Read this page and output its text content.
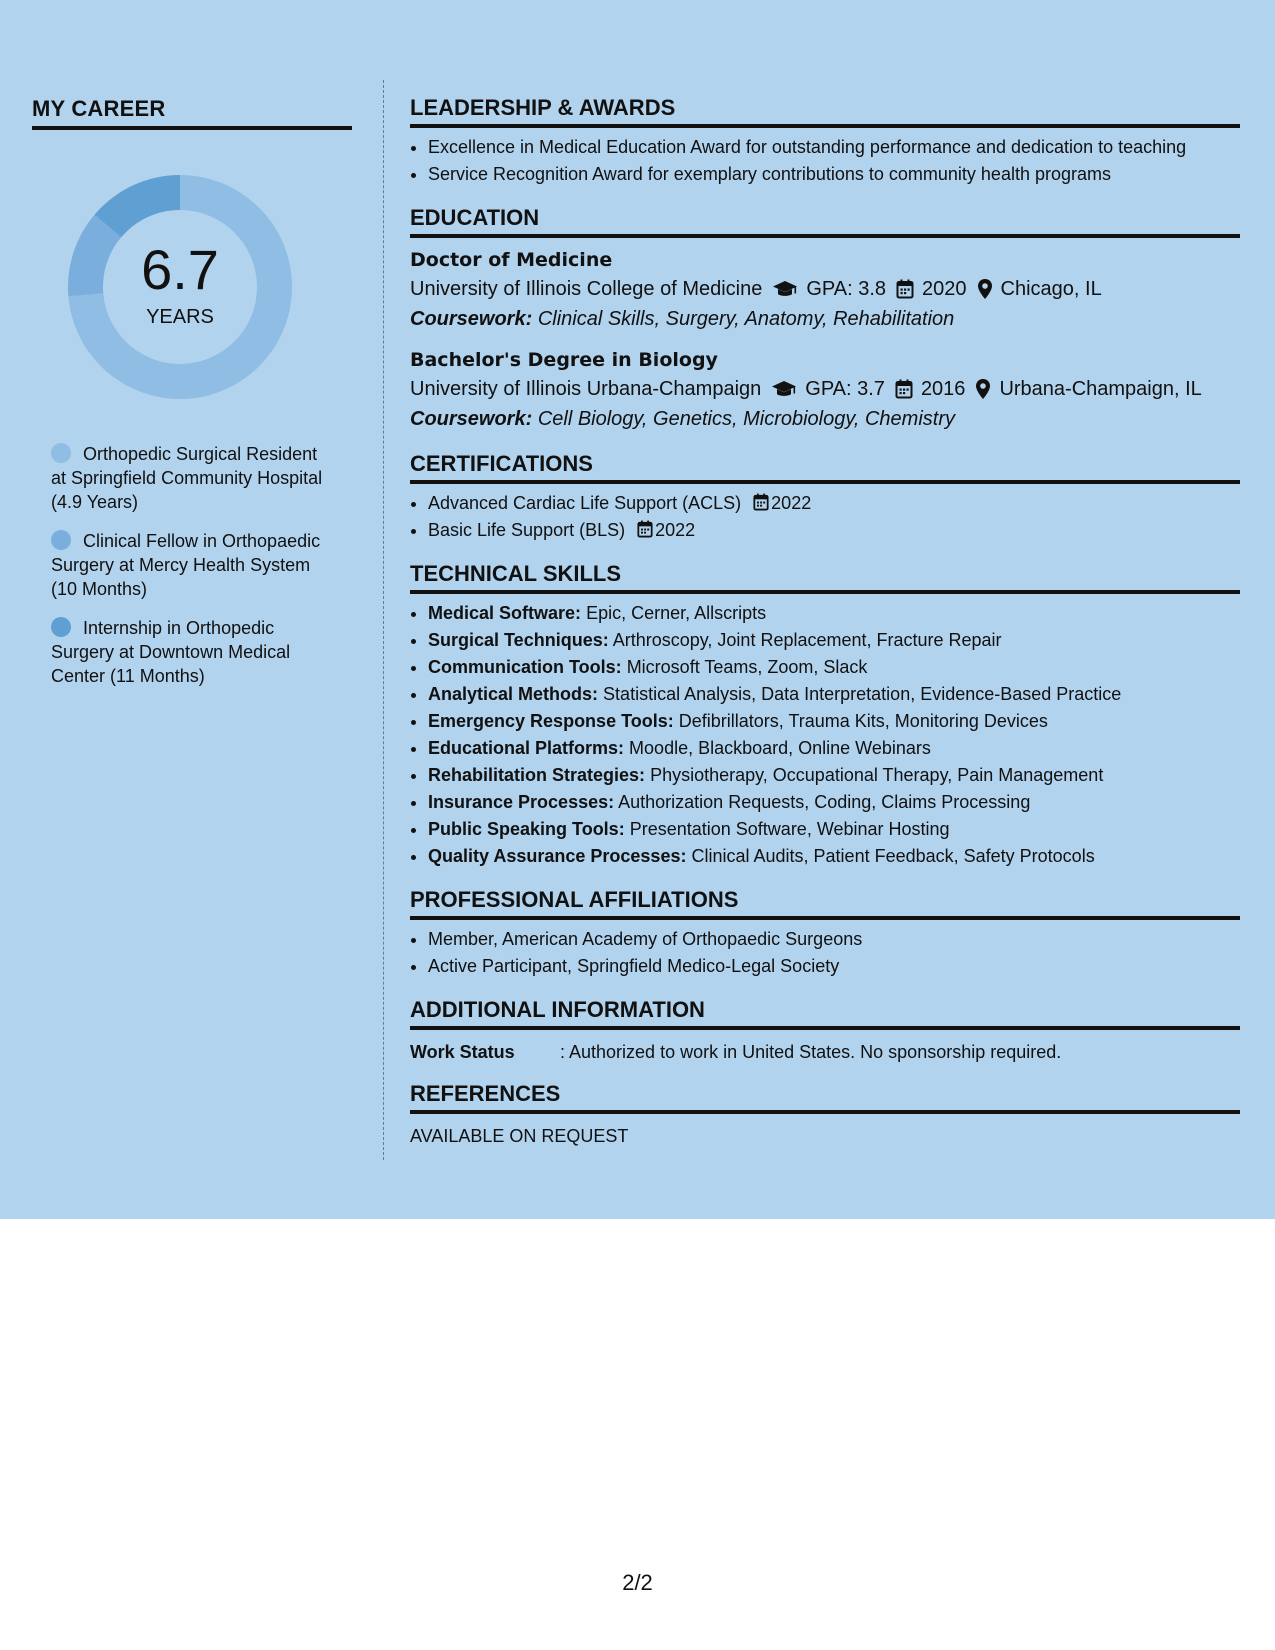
MY CAREER
6.7
YEARS
Orthopedic Surgical Resident at Springfield Community Hospital (4.9 Years)
Clinical Fellow in Orthopaedic Surgery at Mercy Health System (10 Months)
Internship in Orthopedic Surgery at Downtown Medical Center (11 Months)
LEADERSHIP & AWARDS
• Excellence in Medical Education Award for outstanding performance and dedication to teaching
• Service Recognition Award for exemplary contributions to community health programs
EDUCATION
Doctor of Medicine
University of Illinois College of Medicine GPA: 3.8 2020 Chicago, IL
Coursework: Clinical Skills, Surgery, Anatomy, Rehabilitation
Bachelor's Degree in Biology
University of Illinois Urbana-Champaign GPA: 3.7 2016 Urbana-Champaign, IL
Coursework: Cell Biology, Genetics, Microbiology, Chemistry
CERTIFICATIONS
• Advanced Cardiac Life Support (ACLS) 2022
• Basic Life Support (BLS) 2022
TECHNICAL SKILLS
• Medical Software: Epic, Cerner, Allscripts
• Surgical Techniques: Arthroscopy, Joint Replacement, Fracture Repair
• Communication Tools: Microsoft Teams, Zoom, Slack
• Analytical Methods: Statistical Analysis, Data Interpretation, Evidence-Based Practice
• Emergency Response Tools: Defibrillators, Trauma Kits, Monitoring Devices
• Educational Platforms: Moodle, Blackboard, Online Webinars
• Rehabilitation Strategies: Physiotherapy, Occupational Therapy, Pain Management
• Insurance Processes: Authorization Requests, Coding, Claims Processing
• Public Speaking Tools: Presentation Software, Webinar Hosting
• Quality Assurance Processes: Clinical Audits, Patient Feedback, Safety Protocols
PROFESSIONAL AFFILIATIONS
• Member, American Academy of Orthopaedic Surgeons
• Active Participant, Springfield Medico-Legal Society
ADDITIONAL INFORMATION
Work Status	: Authorized to work in United States. No sponsorship required.
REFERENCES
AVAILABLE ON REQUEST
2/2
